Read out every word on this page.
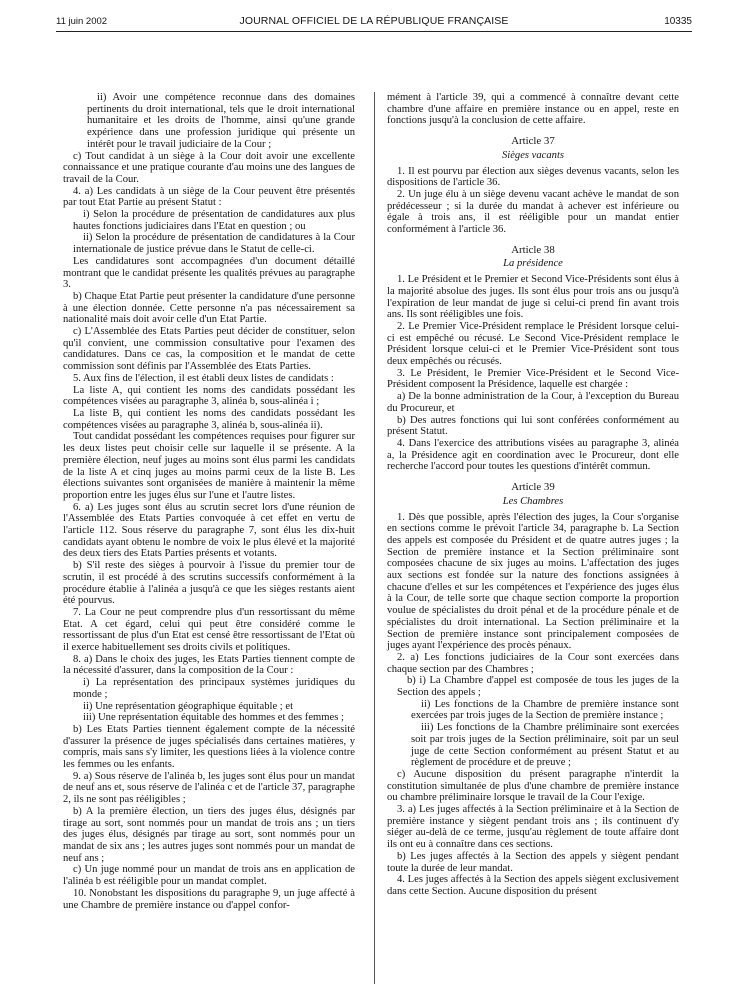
11 juin 2002	JOURNAL OFFICIEL DE LA RÉPUBLIQUE FRANÇAISE	10335

ii) Avoir une compétence reconnue dans des domaines pertinents du droit international, tels que le droit international humanitaire et les droits de l'homme, ainsi qu'une grande expérience dans une profession juridique qui présente un intérêt pour le travail judiciaire de la Cour ;

c) Tout candidat à un siège à la Cour doit avoir une excellente connaissance et une pratique courante d'au moins une des langues de travail de la Cour.

4. a) Les candidats à un siège de la Cour peuvent être présentés par tout Etat Partie au présent Statut :

i) Selon la procédure de présentation de candidatures aux plus hautes fonctions judiciaires dans l'Etat en question ; ou

ii) Selon la procédure de présentation de candidatures à la Cour internationale de justice prévue dans le Statut de celle-ci.

Les candidatures sont accompagnées d'un document détaillé montrant que le candidat présente les qualités prévues au paragraphe 3.

b) Chaque Etat Partie peut présenter la candidature d'une personne à une élection donnée. Cette personne n'a pas nécessairement sa nationalité mais doit avoir celle d'un Etat Partie.

c) L'Assemblée des Etats Parties peut décider de constituer, selon qu'il convient, une commission consultative pour l'examen des candidatures. Dans ce cas, la composition et le mandat de cette commission sont définis par l'Assemblée des Etats Parties.

5. Aux fins de l'élection, il est établi deux listes de candidats :

La liste A, qui contient les noms des candidats possédant les compétences visées au paragraphe 3, alinéa b, sous-alinéa i ;

La liste B, qui contient les noms des candidats possédant les compétences visées au paragraphe 3, alinéa b, sous-alinéa ii).

Tout candidat possédant les compétences requises pour figurer sur les deux listes peut choisir celle sur laquelle il se présente. A la première élection, neuf juges au moins sont élus parmi les candidats de la liste A et cinq juges au moins parmi ceux de la liste B. Les élections suivantes sont organisées de manière à maintenir la même proportion entre les juges élus sur l'une et l'autre listes.

6. a) Les juges sont élus au scrutin secret lors d'une réunion de l'Assemblée des Etats Parties convoquée à cet effet en vertu de l'article 112. Sous réserve du paragraphe 7, sont élus les dix-huit candidats ayant obtenu le nombre de voix le plus élevé et la majorité des deux tiers des Etats Parties présents et votants.

b) S'il reste des sièges à pourvoir à l'issue du premier tour de scrutin, il est procédé à des scrutins successifs conformément à la procédure établie à l'alinéa a jusqu'à ce que les sièges restants aient été pourvus.

7. La Cour ne peut comprendre plus d'un ressortissant du même Etat. A cet égard, celui qui peut être considéré comme le ressortissant de plus d'un Etat est censé être ressortissant de l'Etat où il exerce habituellement ses droits civils et politiques.

8. a) Dans le choix des juges, les Etats Parties tiennent compte de la nécessité d'assurer, dans la composition de la Cour :

i) La représentation des principaux systèmes juridiques du monde ;

ii) Une représentation géographique équitable ; et

iii) Une représentation équitable des hommes et des femmes ;

b) Les Etats Parties tiennent également compte de la nécessité d'assurer la présence de juges spécialisés dans certaines matières, y compris, mais sans s'y limiter, les questions liées à la violence contre les femmes ou les enfants.

9. a) Sous réserve de l'alinéa b, les juges sont élus pour un mandat de neuf ans et, sous réserve de l'alinéa c et de l'article 37, paragraphe 2, ils ne sont pas rééligibles ;

b) A la première élection, un tiers des juges élus, désignés par tirage au sort, sont nommés pour un mandat de trois ans ; un tiers des juges élus, désignés par tirage au sort, sont nommés pour un mandat de six ans ; les autres juges sont nommés pour un mandat de neuf ans ;

c) Un juge nommé pour un mandat de trois ans en application de l'alinéa b est rééligible pour un mandat complet.

10. Nonobstant les dispositions du paragraphe 9, un juge affecté à une Chambre de première instance ou d'appel confor-

mément à l'article 39, qui a commencé à connaître devant cette chambre d'une affaire en première instance ou en appel, reste en fonctions jusqu'à la conclusion de cette affaire.

Article 37

Sièges vacants

1. Il est pourvu par élection aux sièges devenus vacants, selon les dispositions de l'article 36.

2. Un juge élu à un siège devenu vacant achève le mandat de son prédécesseur ; si la durée du mandat à achever est inférieure ou égale à trois ans, il est rééligible pour un mandat entier conformément à l'article 36.

Article 38

La présidence

1. Le Président et le Premier et Second Vice-Présidents sont élus à la majorité absolue des juges. Ils sont élus pour trois ans ou jusqu'à l'expiration de leur mandat de juge si celui-ci prend fin avant trois ans. Ils sont rééligibles une fois.

2. Le Premier Vice-Président remplace le Président lorsque celui-ci est empêché ou récusé. Le Second Vice-Président remplace le Président lorsque celui-ci et le Premier Vice-Président sont tous deux empêchés ou récusés.

3. Le Président, le Premier Vice-Président et le Second Vice-Président composent la Présidence, laquelle est chargée :

a) De la bonne administration de la Cour, à l'exception du Bureau du Procureur, et

b) Des autres fonctions qui lui sont conférées conformément au présent Statut.

4. Dans l'exercice des attributions visées au paragraphe 3, alinéa a, la Présidence agit en coordination avec le Procureur, dont elle recherche l'accord pour toutes les questions d'intérêt commun.

Article 39

Les Chambres

1. Dès que possible, après l'élection des juges, la Cour s'organise en sections comme le prévoit l'article 34, paragraphe b. La Section des appels est composée du Président et de quatre autres juges ; la Section de première instance et la Section préliminaire sont composées chacune de six juges au moins. L'affectation des juges aux sections est fondée sur la nature des fonctions assignées à chacune d'elles et sur les compétences et l'expérience des juges élus à la Cour, de telle sorte que chaque section comporte la proportion voulue de spécialistes du droit pénal et de la procédure pénale et de spécialistes du droit international. La Section préliminaire et la Section de première instance sont principalement composées de juges ayant l'expérience des procès pénaux.

2. a) Les fonctions judiciaires de la Cour sont exercées dans chaque section par des Chambres ;

b) i) La Chambre d'appel est composée de tous les juges de la Section des appels ;

ii) Les fonctions de la Chambre de première instance sont exercées par trois juges de la Section de première instance ;

iii) Les fonctions de la Chambre préliminaire sont exercées soit par trois juges de la Section préliminaire, soit par un seul juge de cette Section conformément au présent Statut et au règlement de procédure et de preuve ;

c) Aucune disposition du présent paragraphe n'interdit la constitution simultanée de plus d'une chambre de première instance ou chambre préliminaire lorsque le travail de la Cour l'exige.

3. a) Les juges affectés à la Section préliminaire et à la Section de première instance y siègent pendant trois ans ; ils continuent d'y siéger au-delà de ce terme, jusqu'au règlement de toute affaire dont ils ont eu à connaître dans ces sections.

b) Les juges affectés à la Section des appels y siègent pendant toute la durée de leur mandat.

4. Les juges affectés à la Section des appels siègent exclusivement dans cette Section. Aucune disposition du présent
